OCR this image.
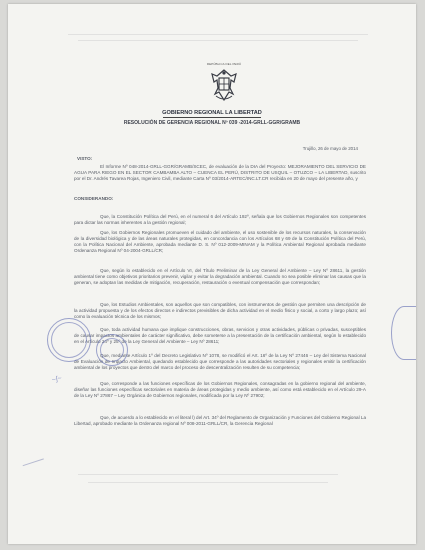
REPÚBLICA DEL PERÚ
GOBIERNO REGIONAL LA LIBERTAD
RESOLUCIÓN DE GERENCIA REGIONAL Nº 039 -2014-GRLL-GGR/GRAMB
Trujillo, 26 de mayo de 2014
VISTO:
El Informe Nº 048-2014-GRLL-GGR/GRAMB/SCEC, de evaluación de la DIA del Proyecto: MEJORAMIENTO DEL SERVICIO DE AGUA PARA RIEGO EN EL SECTOR CAMBAMBA ALTO – CUENCA EL PERÚ, DISTRITO DE USQUIL – OTUZCO – LA LIBERTAD, suscrito por el Dr. Andrés Tavarea Rojas, Ingeniero Civil, mediante Carta Nº 03/2014-ARTEC/INC.LT.CR recibida en 20 de mayo del presente año, y
CONSIDERANDO:
Que, la Constitución Política del Perú, en el numeral 6 del Artículo 192º, señala que los Gobiernos Regionales son competentes para dictar las normas inherentes a la gestión regional;
Que, los Gobiernos Regionales promueven el cuidado del ambiente, el uso sostenible de los recursos naturales, la conservación de la diversidad biológica y de las áreas naturales protegidas, en concordancia con los Artículos 68 y 69 de la Constitución Política del Perú, con la Política Nacional del Ambiente, aprobada mediante D. S. Nº 012-2009-MINAM y la Política Ambiental Regional aprobada mediante Ordenanza Regional Nº 04-2004-GRLL/CR;
Que, según lo establecido en el Artículo VI, del Título Preliminar de la Ley General del Ambiente – Ley Nº 28611, la gestión ambiental tiene como objetivos prioritarios prevenir, vigilar y evitar la degradación ambiental. Cuando no sea posible eliminar las causas que la generan, se adoptan las medidas de mitigación, recuperación, restauración o eventual compensación que correspondan;
Que, los Estudios Ambientales, son aquellos que son compatibles, con instrumentos de gestión que permiten una descripción de la actividad propuesta y de los efectos directos e indirectos previsibles de dicha actividad en el medio físico y social, a corto y largo plazo; así como la evaluación técnica de los mismos;
Que, toda actividad humana que implique construcciones, obras, servicios y otras actividades, públicas o privadas, susceptibles de causar impactos ambientales de carácter significativo, debe someterse a la presentación de la certificación ambiental, según lo establecido en el Artículo 24º y 25º de la Ley General del Ambiente – Ley Nº 28611;
Que, mediante Artículo 1º del Decreto Legislativo Nº 1078, se modificó el Art. 16º de la Ley Nº 27446 – Ley del Sistema Nacional de Evaluación de Impacto Ambiental, quedando establecido que corresponde a las autoridades sectoriales y regionales emitir la certificación ambiental de los proyectos que dentro del marco del proceso de descentralización resulten de su competencia;
Que, corresponde a las funciones específicas de los Gobiernos Regionales, consagradas en la gobierno regional del ambiente, diseñar las funciones específicas sectoriales en materia de áreas protegidas y medio ambiente, así como está establecido en el Artículo 29-A de la Ley Nº 27867 – Ley Orgánica de Gobiernos regionales, modificada por la Ley Nº 27902;
Que, de acuerdo a lo establecido en el literal l) del Art. 34º del Reglamento de Organización y Funciones del Gobierno Regional La Libertad, aprobado mediante la Ordenanza regional Nº 008-2011-GRLL/CR, la Gerencia Regional
~ʃ~
